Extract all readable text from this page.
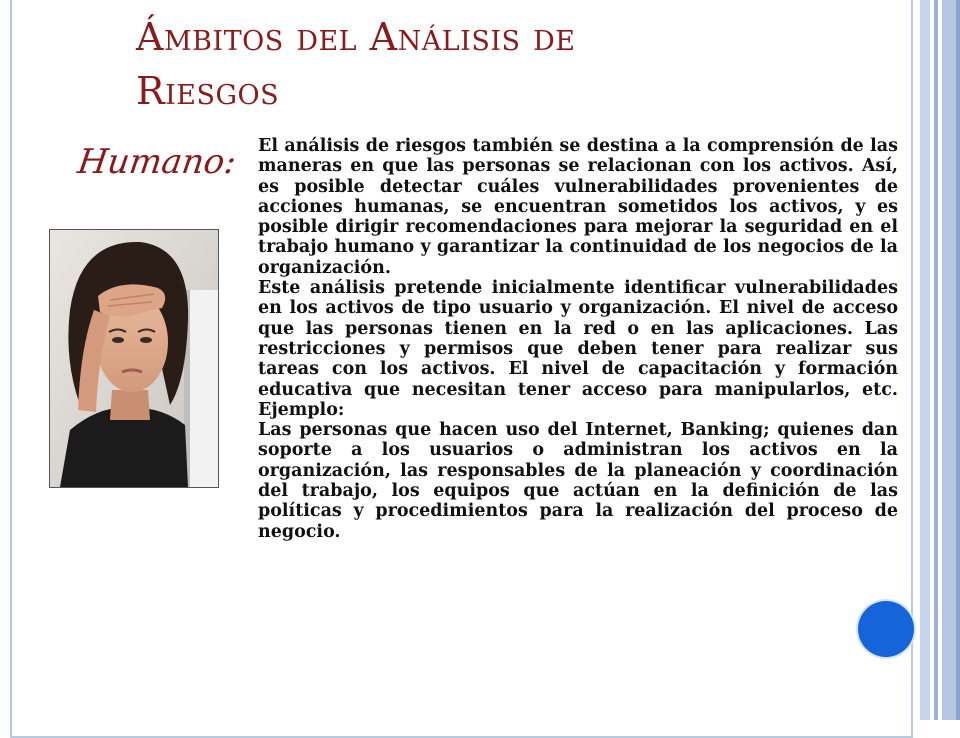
Ámbitos del Análisis de
Riesgos
Humano: El análisis de riesgos también se destina a la comprensión de las maneras en que las personas se relacionan con los activos. Así, es posible detectar cuáles vulnerabilidades provenientes de acciones humanas, se encuentran sometidos los activos, y es posible dirigir recomendaciones para mejorar la seguridad en el trabajo humano y garantizar la continuidad de los negocios de la organización.

Este análisis pretende inicialmente identificar vulnerabilidades en los activos de tipo usuario y organización. El nivel de acceso que las personas tienen en la red o en las aplicaciones. Las restricciones y permisos que deben tener para realizar sus tareas con los activos. El nivel de capacitación y formación educativa que necesitan tener acceso para manipularlos, etc. Ejemplo:

Las personas que hacen uso del Internet, Banking; quienes dan soporte a los usuarios o administran los activos en la organización, las responsables de la planeación y coordinación del trabajo, los equipos que actúan en la definición de las políticas y procedimientos para la realización del proceso de negocio.
